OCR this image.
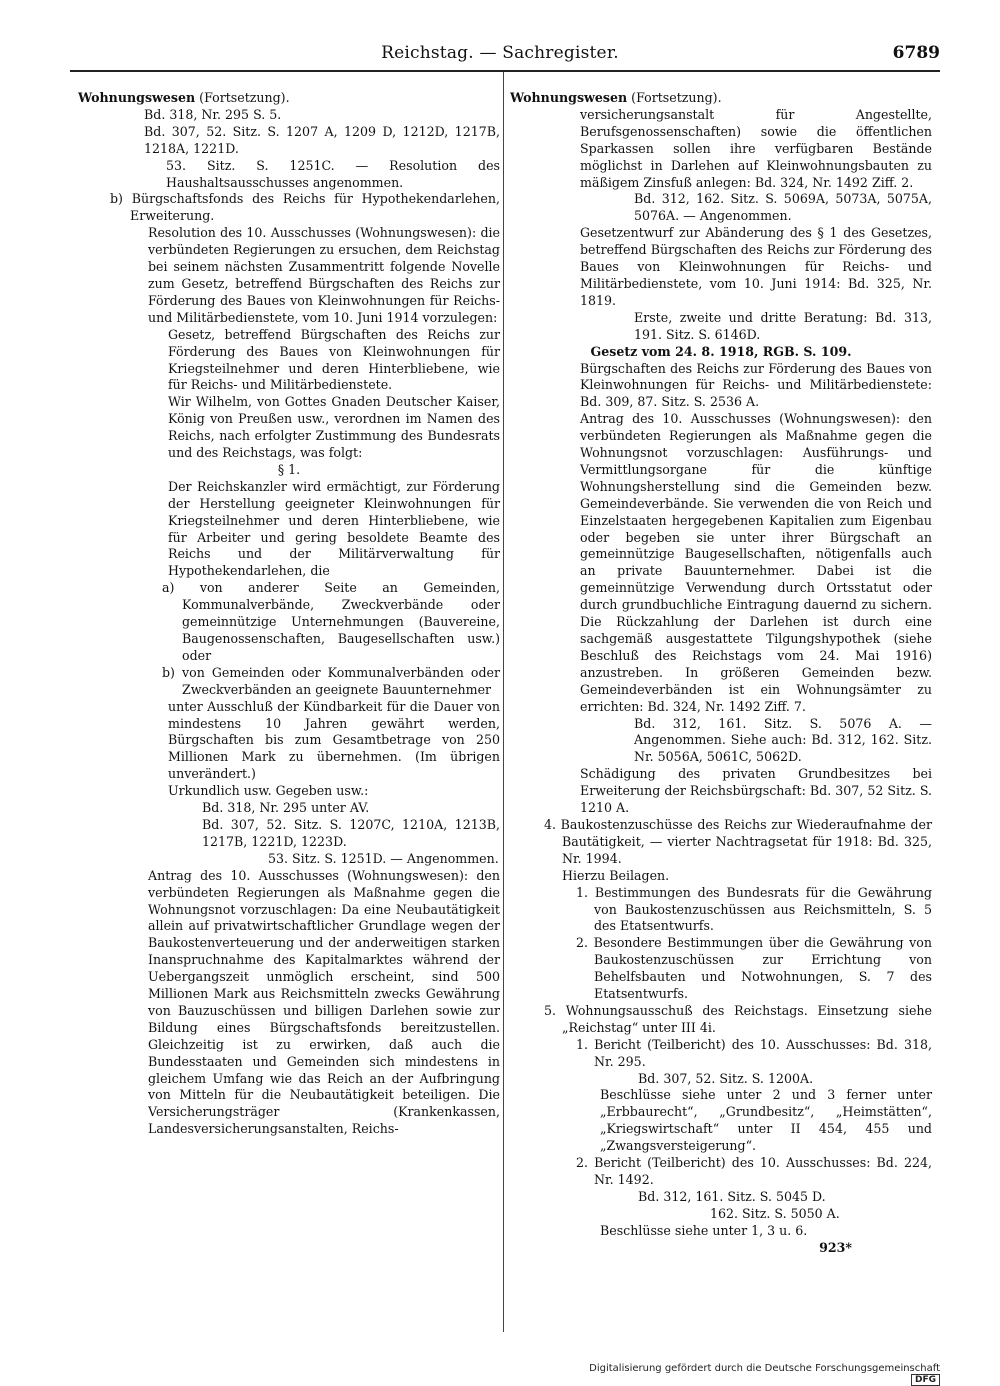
Reichstag. — Sachregister.	6789

Wohnungswesen (Fortsetzung).

Bd. 318, Nr. 295 S. 5.

Bd. 307, 52. Sitz. S. 1207 A, 1209 D, 1212D, 1217B, 1218A, 1221D.

53. Sitz. S. 1251C. — Resolution des Haushaltsausschusses angenommen.

b) Bürgschaftsfonds des Reichs für Hypothekendarlehen, Erweiterung.

Resolution des 10. Ausschusses (Wohnungswesen): die verbündeten Regierungen zu ersuchen, dem Reichstag bei seinem nächsten Zusammentritt folgende Novelle zum Gesetz, betreffend Bürgschaften des Reichs zur Förderung des Baues von Kleinwohnungen für Reichs- und Militärbedienstete, vom 10. Juni 1914 vorzulegen:

Gesetz, betreffend Bürgschaften des Reichs zur Förderung des Baues von Kleinwohnungen für Kriegsteilnehmer und deren Hinterbliebene, wie für Reichs- und Militärbedienstete.

Wir Wilhelm, von Gottes Gnaden Deutscher Kaiser, König von Preußen usw., verordnen im Namen des Reichs, nach erfolgter Zustimmung des Bundesrats und des Reichstags, was folgt:

§ 1.

Der Reichskanzler wird ermächtigt, zur Förderung der Herstellung geeigneter Kleinwohnungen für Kriegsteilnehmer und deren Hinterbliebene, wie für Arbeiter und gering besoldete Beamte des Reichs und der Militärverwaltung für Hypothekendarlehen, die

a) von anderer Seite an Gemeinden, Kommunalverbände, Zweckverbände oder gemeinnützige Unternehmungen (Bauvereine, Baugenossenschaften, Baugesellschaften usw.) oder

b) von Gemeinden oder Kommunalverbänden oder Zweckverbänden an geeignete Bauunternehmer

unter Ausschluß der Kündbarkeit für die Dauer von mindestens 10 Jahren gewährt werden, Bürgschaften bis zum Gesamtbetrage von 250 Millionen Mark zu übernehmen. (Im übrigen unverändert.)

Urkundlich usw. Gegeben usw.:

Bd. 318, Nr. 295 unter AV.

Bd. 307, 52. Sitz. S. 1207C, 1210A, 1213B, 1217B, 1221D, 1223D.

53. Sitz. S. 1251D. — Angenommen.

Antrag des 10. Ausschusses (Wohnungswesen): den verbündeten Regierungen als Maßnahme gegen die Wohnungsnot vorzuschlagen: Da eine Neubautätigkeit allein auf privatwirtschaftlicher Grundlage wegen der Baukostenverteuerung und der anderweitigen starken Inanspruchnahme des Kapitalmarktes während der Uebergangszeit unmöglich erscheint, sind 500 Millionen Mark aus Reichsmitteln zwecks Gewährung von Bauzuschüssen und billigen Darlehen sowie zur Bildung eines Bürgschaftsfonds bereitzustellen. Gleichzeitig ist zu erwirken, daß auch die Bundesstaaten und Gemeinden sich mindestens in gleichem Umfang wie das Reich an der Aufbringung von Mitteln für die Neubautätigkeit beteiligen. Die Versicherungsträger (Krankenkassen, Landesversicherungsanstalten, Reichs-

Wohnungswesen (Fortsetzung).

versicherungsanstalt für Angestellte, Berufsgenossenschaften) sowie die öffentlichen Sparkassen sollen ihre verfügbaren Bestände möglichst in Darlehen auf Kleinwohnungsbauten zu mäßigem Zinsfuß anlegen: Bd. 324, Nr. 1492 Ziff. 2.

Bd. 312, 162. Sitz. S. 5069A, 5073A, 5075A, 5076A. — Angenommen.

Gesetzentwurf zur Abänderung des § 1 des Gesetzes, betreffend Bürgschaften des Reichs zur Förderung des Baues von Kleinwohnungen für Reichs- und Militärbedienstete, vom 10. Juni 1914: Bd. 325, Nr. 1819.

Erste, zweite und dritte Beratung: Bd. 313, 191. Sitz. S. 6146D.

Gesetz vom 24. 8. 1918, RGB. S. 109.

Bürgschaften des Reichs zur Förderung des Baues von Kleinwohnungen für Reichs- und Militärbedienstete: Bd. 309, 87. Sitz. S. 2536 A.

Antrag des 10. Ausschusses (Wohnungswesen): den verbündeten Regierungen als Maßnahme gegen die Wohnungsnot vorzuschlagen: Ausführungs- und Vermittlungsorgane für die künftige Wohnungsherstellung sind die Gemeinden bezw. Gemeindeverbände. Sie verwenden die von Reich und Einzelstaaten hergegebenen Kapitalien zum Eigenbau oder begeben sie unter ihrer Bürgschaft an gemeinnützige Baugesellschaften, nötigenfalls auch an private Bauunternehmer. Dabei ist die gemeinnützige Verwendung durch Ortsstatut oder durch grundbuchliche Eintragung dauernd zu sichern. Die Rückzahlung der Darlehen ist durch eine sachgemäß ausgestattete Tilgungshypothek (siehe Beschluß des Reichstags vom 24. Mai 1916) anzustreben. In größeren Gemeinden bezw. Gemeindeverbänden ist ein Wohnungsämter zu errichten: Bd. 324, Nr. 1492 Ziff. 7.

Bd. 312, 161. Sitz. S. 5076 A. — Angenommen. Siehe auch: Bd. 312, 162. Sitz. Nr. 5056A, 5061C, 5062D.

Schädigung des privaten Grundbesitzes bei Erweiterung der Reichsbürgschaft: Bd. 307, 52 Sitz. S. 1210 A.

4. Baukostenzuschüsse des Reichs zur Wiederaufnahme der Bautätigkeit, — vierter Nachtragsetat für 1918: Bd. 325, Nr. 1994.

Hierzu Beilagen.

1. Bestimmungen des Bundesrats für die Gewährung von Baukostenzuschüssen aus Reichsmitteln, S. 5 des Etatsentwurfs.

2. Besondere Bestimmungen über die Gewährung von Baukostenzuschüssen zur Errichtung von Behelfsbauten und Notwohnungen, S. 7 des Etatsentwurfs.

5. Wohnungsausschuß des Reichstags. Einsetzung siehe „Reichstag“ unter III 4i.

1. Bericht (Teilbericht) des 10. Ausschusses: Bd. 318, Nr. 295.

Bd. 307, 52. Sitz. S. 1200A.

Beschlüsse siehe unter 2 und 3 ferner unter „Erbbaurecht“, „Grundbesitz“, „Heimstätten“, „Kriegswirtschaft“ unter II 454, 455 und „Zwangsversteigerung“.

2. Bericht (Teilbericht) des 10. Ausschusses: Bd. 224, Nr. 1492.

Bd. 312, 161. Sitz. S. 5045 D.

162. Sitz. S. 5050 A.

Beschlüsse siehe unter 1, 3 u. 6.

923*

Digitalisierung gefördert durch die Deutsche Forschungsgemeinschaft DFG
